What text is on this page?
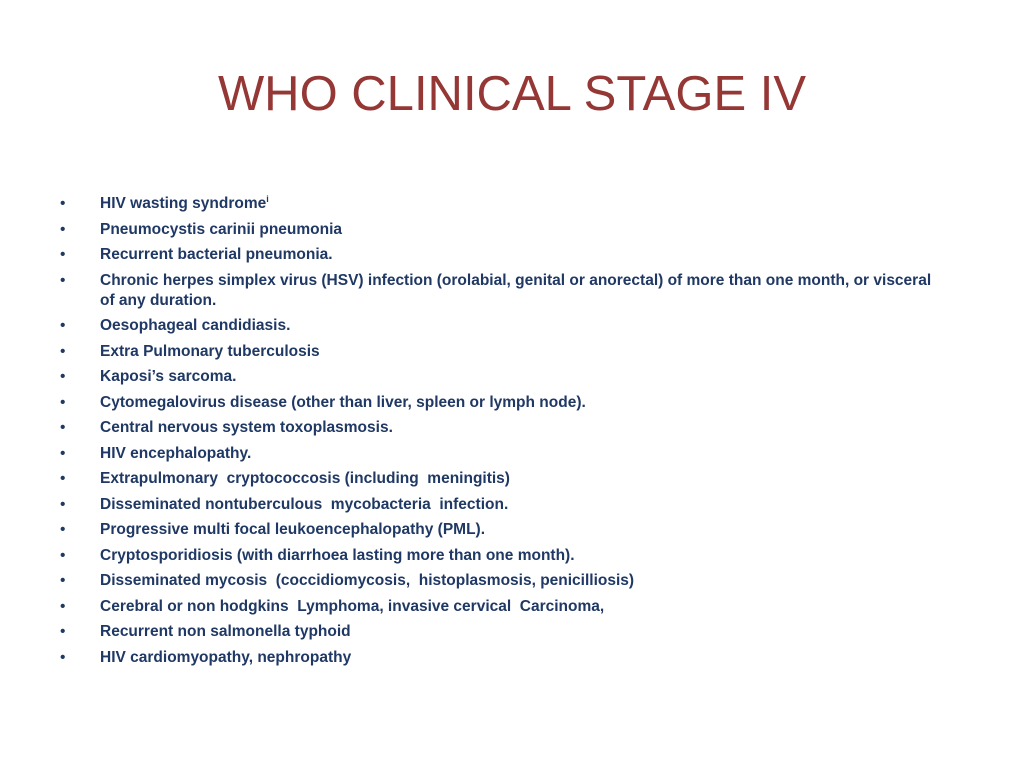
WHO CLINICAL STAGE IV
• HIV wasting syndrome$^i$
• Pneumocystis carinii pneumonia
• Recurrent bacterial pneumonia.
• Chronic herpes simplex virus (HSV) infection (orolabial, genital or anorectal) of more than one month, or visceral of any duration.
• Oesophageal candidiasis.
• Extra Pulmonary tuberculosis
• Kaposi’s sarcoma.
• Cytomegalovirus disease (other than liver, spleen or lymph node).
• Central nervous system toxoplasmosis.
• HIV encephalopathy.
• Extrapulmonary  cryptococcosis (including  meningitis)
• Disseminated nontuberculous  mycobacteria  infection.
• Progressive multi focal leukoencephalopathy (PML).
• Cryptosporidiosis (with diarrhoea lasting more than one month).
• Disseminated mycosis  (coccidiomycosis,  histoplasmosis, penicilliosis)
• Cerebral or non hodgkins  Lymphoma, invasive cervical  Carcinoma,
• Recurrent non salmonella typhoid
• HIV cardiomyopathy, nephropathy
